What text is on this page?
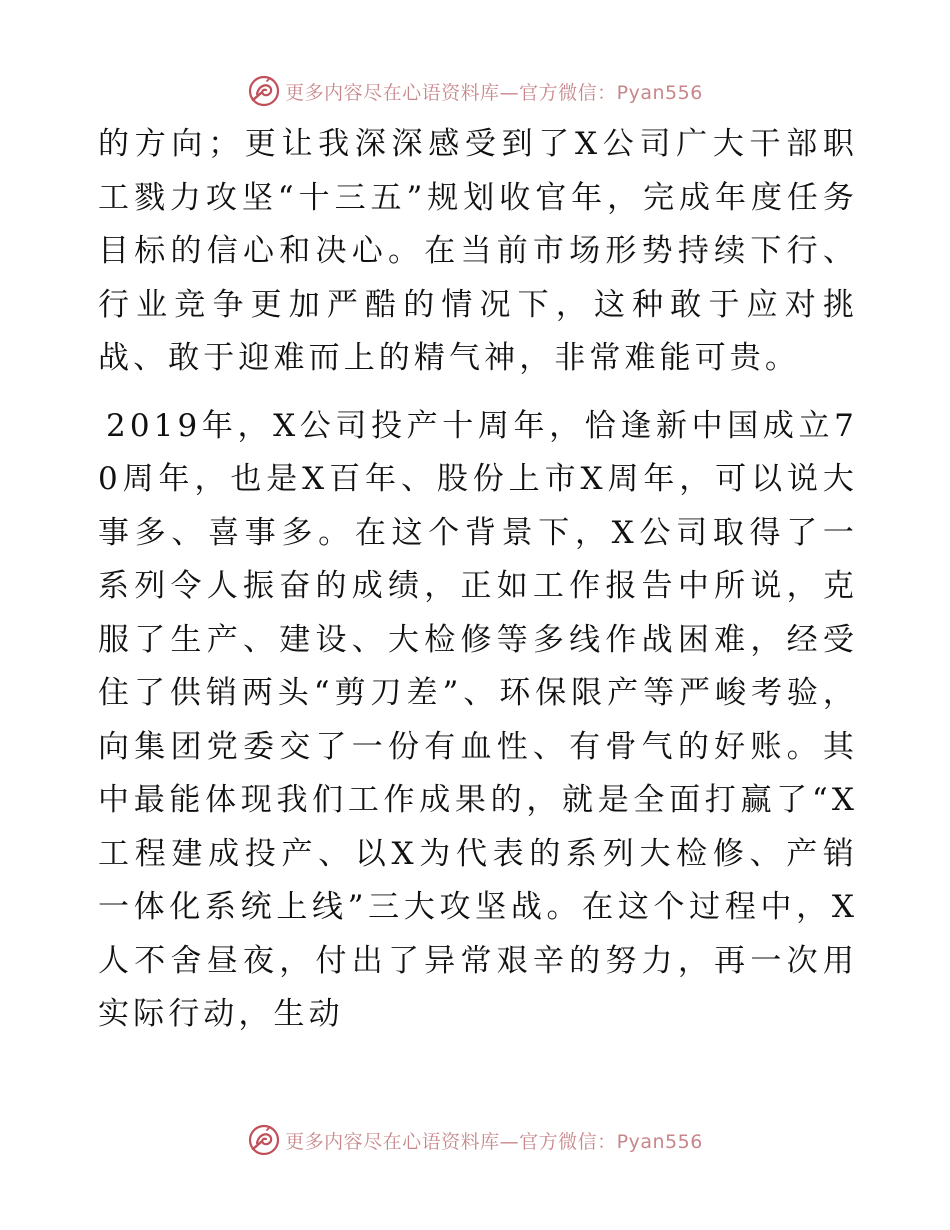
更多内容尽在心语资料库—官方微信：Pyan556

的方向；更让我深深感受到了X公司广大干部职工戮力攻坚“十三五”规划收官年，完成年度任务目标的信心和决心。在当前市场形势持续下行、行业竞争更加严酷的情况下，这种敢于应对挑战、敢于迎难而上的精气神，非常难能可贵。

2019年，X公司投产十周年，恰逢新中国成立70周年，也是X百年、股份上市X周年，可以说大事多、喜事多。在这个背景下，X公司取得了一系列令人振奋的成绩，正如工作报告中所说，克服了生产、建设、大检修等多线作战困难，经受住了供销两头“剪刀差”、环保限产等严峻考验，向集团党委交了一份有血性、有骨气的好账。其中最能体现我们工作成果的，就是全面打赢了“X工程建成投产、以X为代表的系列大检修、产销一体化系统上线”三大攻坚战。在这个过程中，X人不舍昼夜，付出了异常艰辛的努力，再一次用实际行动，生动

更多内容尽在心语资料库—官方微信：Pyan556
